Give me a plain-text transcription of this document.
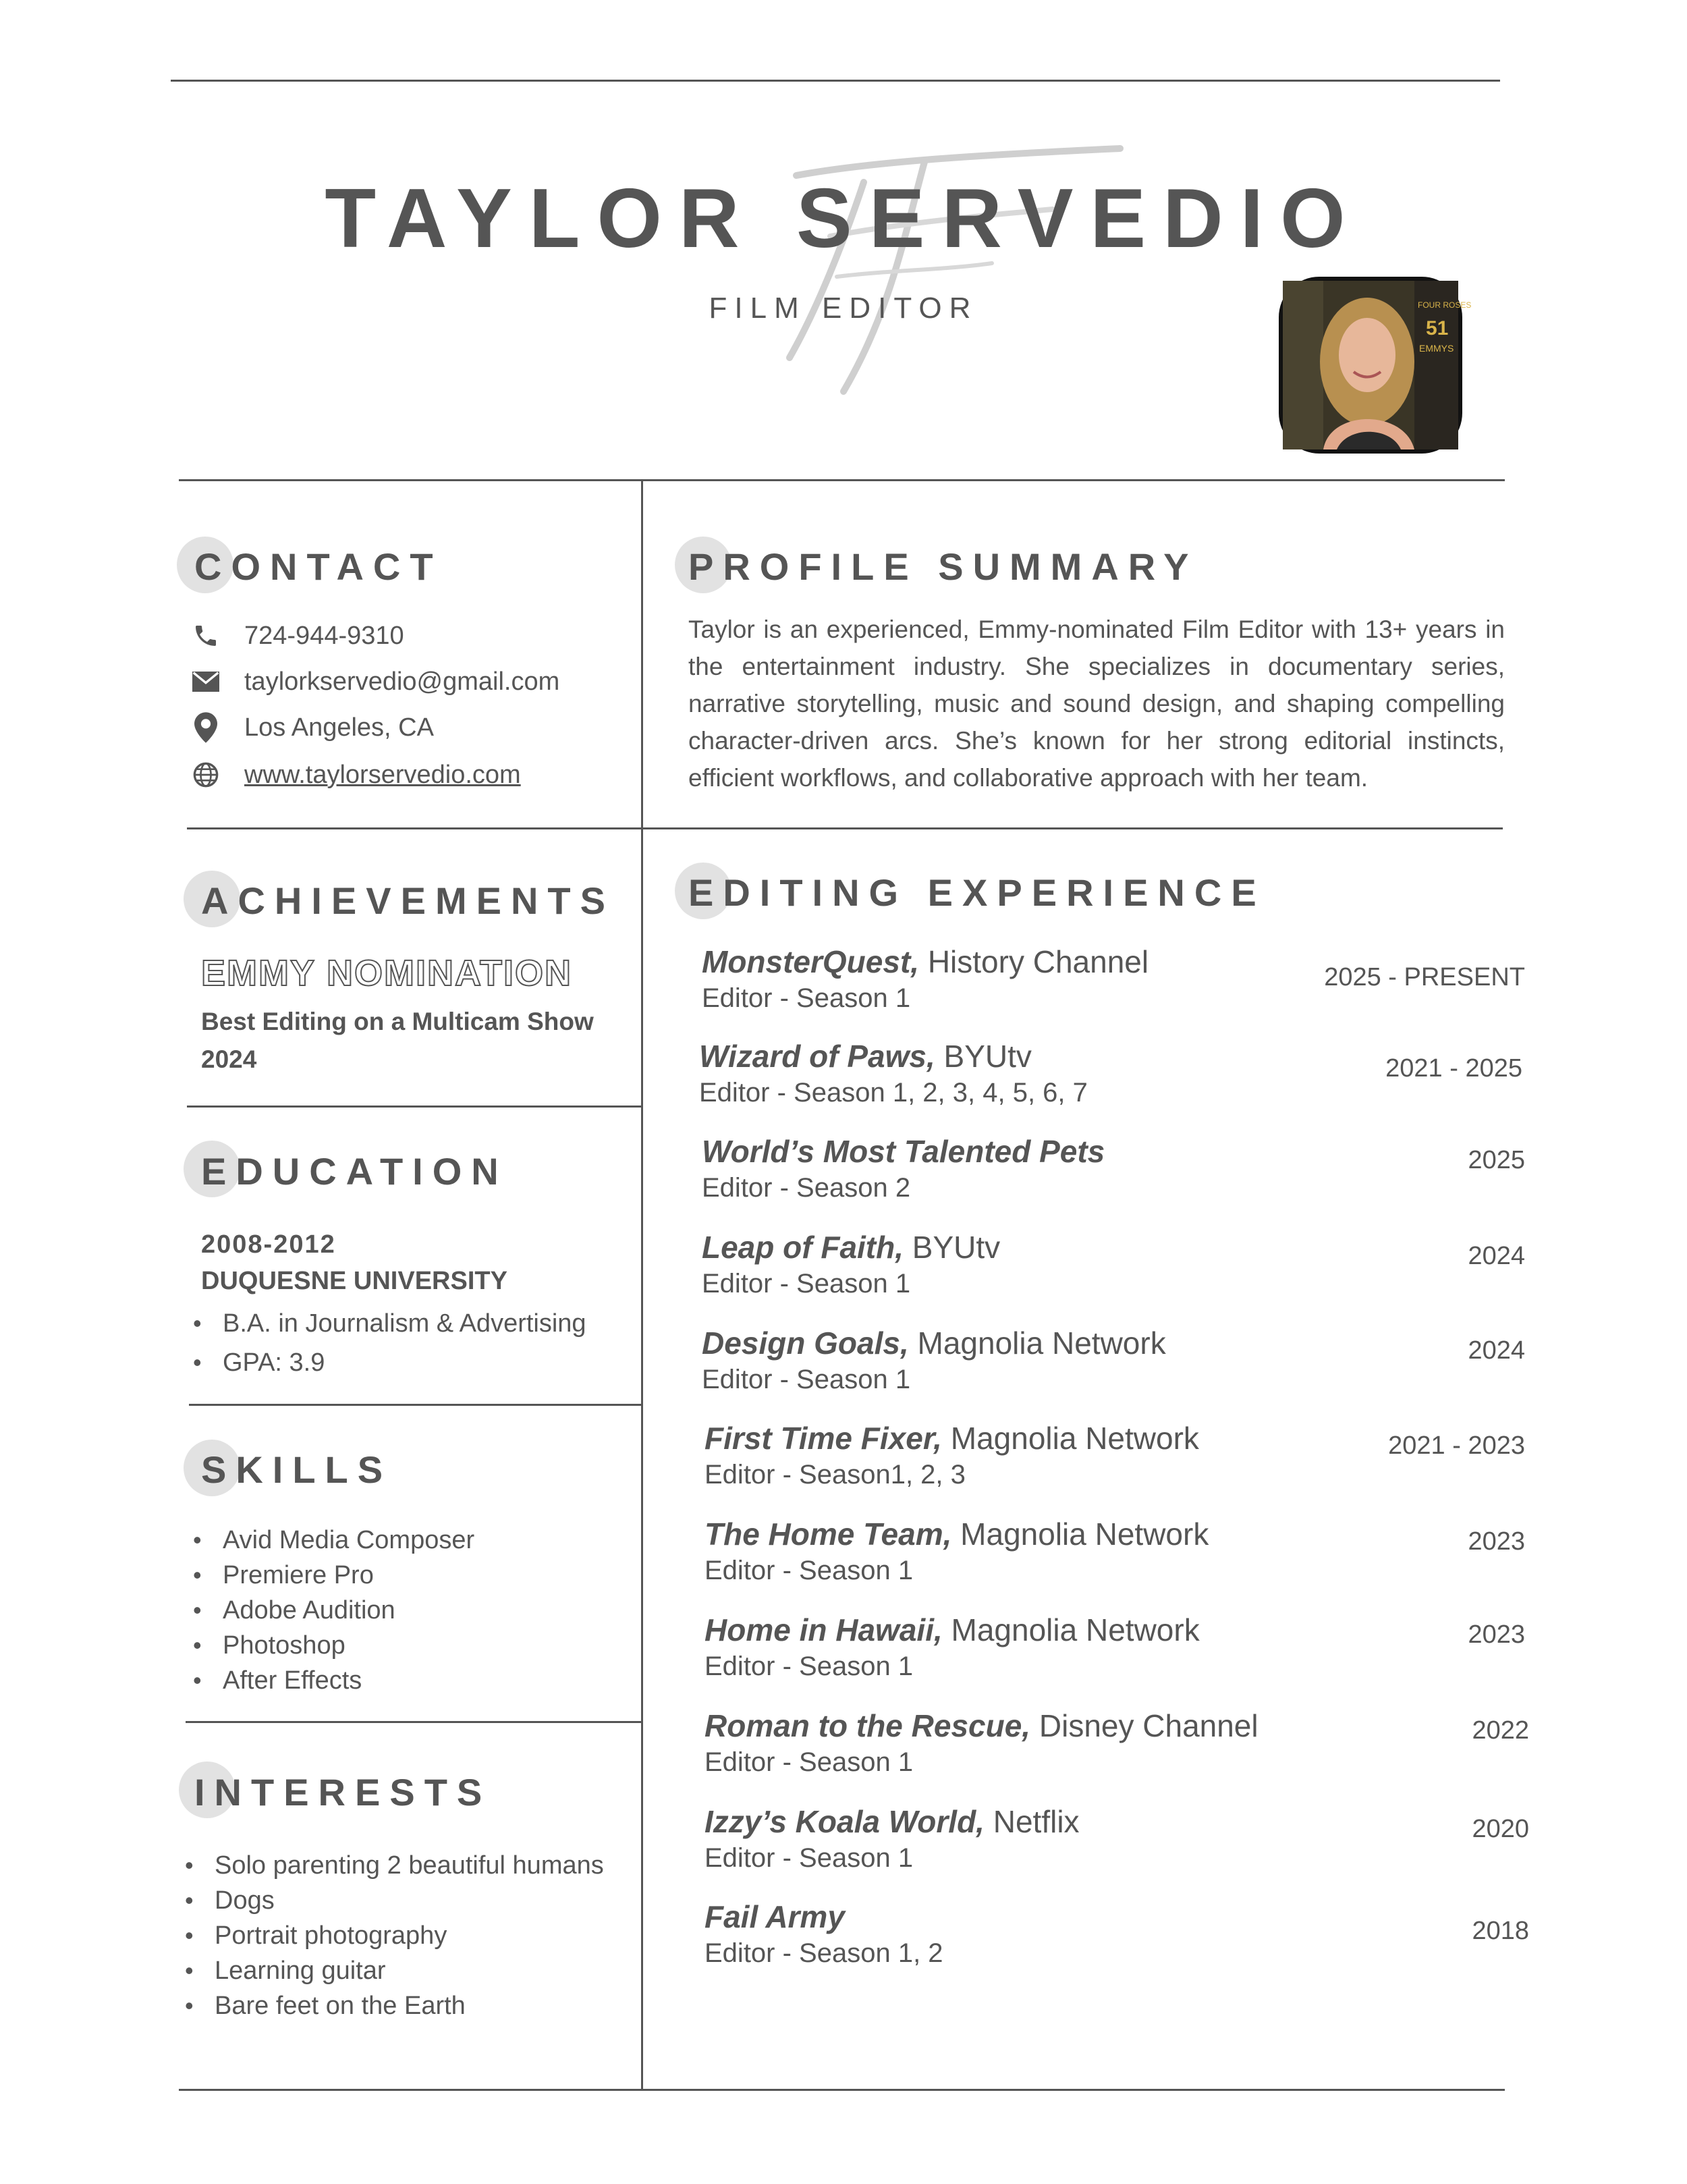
TAYLOR SERVEDIO
FILM EDITOR
51
FOUR ROSES
EMMYS
CONTACT
724-944-9310
taylorkservedio@gmail.com
Los Angeles, CA
www.taylorservedio.com
PROFILE SUMMARY
Taylor is an experienced, Emmy-nominated Film Editor with 13+ years in the entertainment industry. She specializes in documentary series, narrative storytelling, music and sound design, and shaping compelling character-driven arcs. She’s known for her strong editorial instincts, efficient workflows, and collaborative approach with her team.
ACHIEVEMENTS
EMMY NOMINATION
Best Editing on a Multicam Show
2024
EDUCATION
2008-2012
DUQUESNE UNIVERSITY
• B.A. in Journalism & Advertising
• GPA: 3.9
SKILLS
• Avid Media Composer
• Premiere Pro
• Adobe Audition
• Photoshop
• After Effects
INTERESTS
• Solo parenting 2 beautiful humans
• Dogs
• Portrait photography
• Learning guitar
• Bare feet on the Earth
EDITING EXPERIENCE
MonsterQuest, History Channel
Editor - Season 1
2025 - PRESENT
Wizard of Paws, BYUtv
Editor - Season 1, 2, 3, 4, 5, 6, 7
2021 - 2025
World’s Most Talented Pets
Editor - Season 2
2025
Leap of Faith, BYUtv
Editor - Season 1
2024
Design Goals, Magnolia Network
Editor - Season 1
2024
First Time Fixer, Magnolia Network
Editor - Season1, 2, 3
2021 - 2023
The Home Team, Magnolia Network
Editor - Season 1
2023
Home in Hawaii, Magnolia Network
Editor - Season 1
2023
Roman to the Rescue, Disney Channel
Editor - Season 1
2022
Izzy’s Koala World, Netflix
Editor - Season 1
2020
Fail Army
Editor - Season 1, 2
2018
